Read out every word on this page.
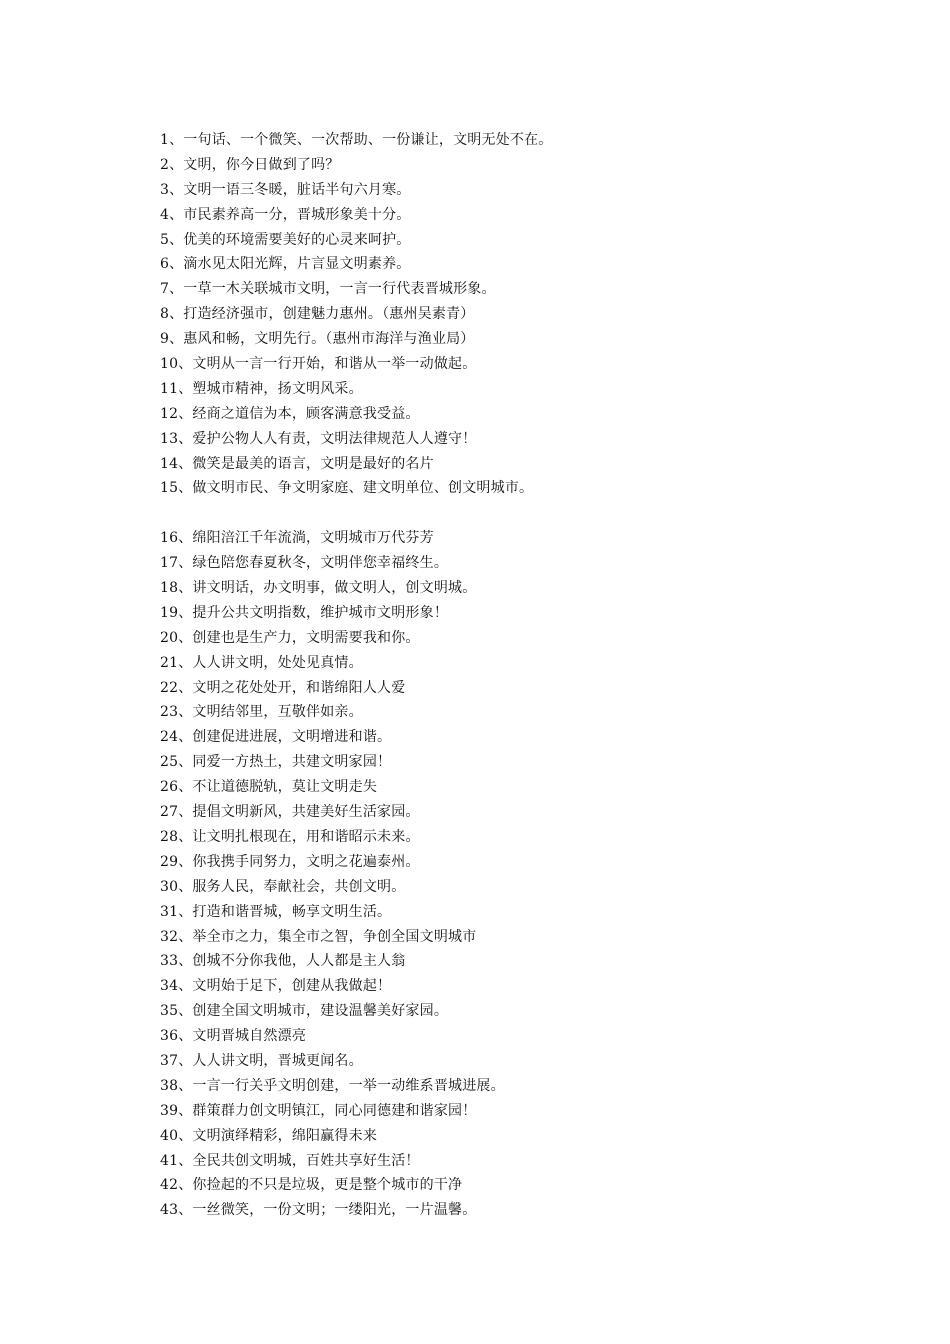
1、一句话、一个微笑、一次帮助、一份谦让，文明无处不在。
2、文明，你今日做到了吗？
3、文明一语三冬暖，脏话半句六月寒。
4、市民素养高一分，晋城形象美十分。
5、优美的环境需要美好的心灵来呵护。
6、滴水见太阳光辉，片言显文明素养。
7、一草一木关联城市文明，一言一行代表晋城形象。
8、打造经济强市，创建魅力惠州。（惠州吴素青）
9、惠风和畅，文明先行。（惠州市海洋与渔业局）
10、文明从一言一行开始，和谐从一举一动做起。
11、塑城市精神，扬文明风采。
12、经商之道信为本，顾客满意我受益。
13、爱护公物人人有责，文明法律规范人人遵守！
14、微笑是最美的语言，文明是最好的名片
15、做文明市民、争文明家庭、建文明单位、创文明城市。
16、绵阳涪江千年流淌，文明城市万代芬芳
17、绿色陪您春夏秋冬，文明伴您幸福终生。
18、讲文明话，办文明事，做文明人，创文明城。
19、提升公共文明指数，维护城市文明形象！
20、创建也是生产力，文明需要我和你。
21、人人讲文明，处处见真情。
22、文明之花处处开，和谐绵阳人人爱
23、文明结邻里，互敬伴如亲。
24、创建促进进展，文明增进和谐。
25、同爱一方热土，共建文明家园！
26、不让道德脱轨，莫让文明走失
27、提倡文明新风，共建美好生活家园。
28、让文明扎根现在，用和谐昭示未来。
29、你我携手同努力，文明之花遍泰州。
30、服务人民，奉献社会，共创文明。
31、打造和谐晋城，畅享文明生活。
32、举全市之力，集全市之智，争创全国文明城市
33、创城不分你我他，人人都是主人翁
34、文明始于足下，创建从我做起！
35、创建全国文明城市，建设温馨美好家园。
36、文明晋城自然漂亮
37、人人讲文明，晋城更闻名。
38、一言一行关乎文明创建，一举一动维系晋城进展。
39、群策群力创文明镇江，同心同德建和谐家园！
40、文明演绎精彩，绵阳赢得未来
41、全民共创文明城，百姓共享好生活！
42、你捡起的不只是垃圾，更是整个城市的干净
43、一丝微笑，一份文明；一缕阳光，一片温馨。
